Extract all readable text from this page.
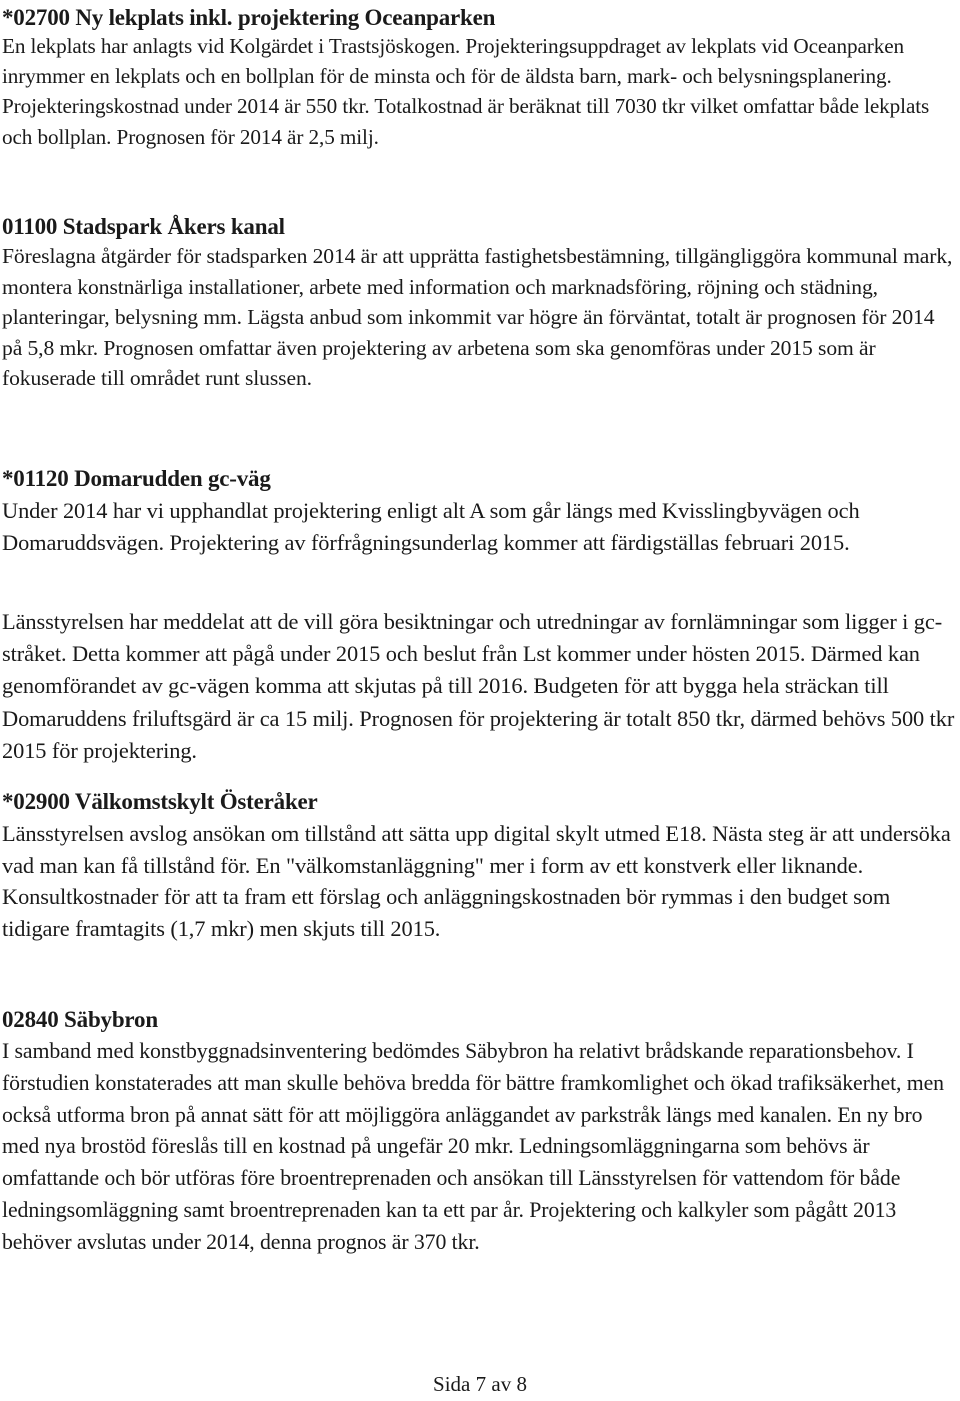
*02700 Ny lekplats inkl. projektering Oceanparken
En lekplats har anlagts vid Kolgärdet i Trastsjöskogen. Projekteringsuppdraget av lekplats vid Oceanparken inrymmer en lekplats och en bollplan för de minsta och för de äldsta barn, mark- och belysningsplanering. Projekteringskostnad under 2014 är 550 tkr. Totalkostnad är beräknat till 7030 tkr vilket omfattar både lekplats och bollplan. Prognosen för 2014 är 2,5 milj.
01100 Stadspark Åkers kanal
Föreslagna åtgärder för stadsparken 2014 är att upprätta fastighetsbestämning, tillgängliggöra kommunal mark, montera konstnärliga installationer, arbete med information och marknadsföring, röjning och städning, planteringar, belysning mm. Lägsta anbud som inkommit var högre än förväntat, totalt är prognosen för 2014 på 5,8 mkr. Prognosen omfattar även projektering av arbetena som ska genomföras under 2015 som är fokuserade till området runt slussen.
*01120 Domarudden gc-väg
Under 2014 har vi upphandlat projektering enligt alt A som går längs med Kvisslingbyvägen och Domaruddsvägen. Projektering av förfrågningsunderlag kommer att färdigställas februari 2015.
Länsstyrelsen har meddelat att de vill göra besiktningar och utredningar av fornlämningar som ligger i gc-stråket. Detta kommer att pågå under 2015 och beslut från Lst kommer under hösten 2015. Därmed kan genomförandet av gc-vägen komma att skjutas på till 2016. Budgeten för att bygga hela sträckan till Domaruddens friluftsgärd är ca 15 milj. Prognosen för projektering är totalt 850 tkr, därmed behövs 500 tkr 2015 för projektering.
*02900 Välkomstskylt Österåker
Länsstyrelsen avslog ansökan om tillstånd att sätta upp digital skylt utmed E18. Nästa steg är att undersöka vad man kan få tillstånd för. En "välkomstanläggning" mer i form av ett konstverk eller liknande. Konsultkostnader för att ta fram ett förslag och anläggningskostnaden bör rymmas i den budget som tidigare framtagits (1,7 mkr) men skjuts till 2015.
02840 Säbybron
I samband med konstbyggnadsinventering bedömdes Säbybron ha relativt brådskande reparationsbehov. I förstudien konstaterades att man skulle behöva bredda för bättre framkomlighet och ökad trafiksäkerhet, men också utforma bron på annat sätt för att möjliggöra anläggandet av parkstråk längs med kanalen. En ny bro med nya brostöd föreslås till en kostnad på ungefär 20 mkr. Ledningsomläggningarna som behövs är omfattande och bör utföras före broentreprenaden och ansökan till Länsstyrelsen för vattendom för både ledningsomläggning samt broentreprenaden kan ta ett par år. Projektering och kalkyler som pågått 2013 behöver avslutas under 2014, denna prognos är 370 tkr.
Sida 7 av 8
